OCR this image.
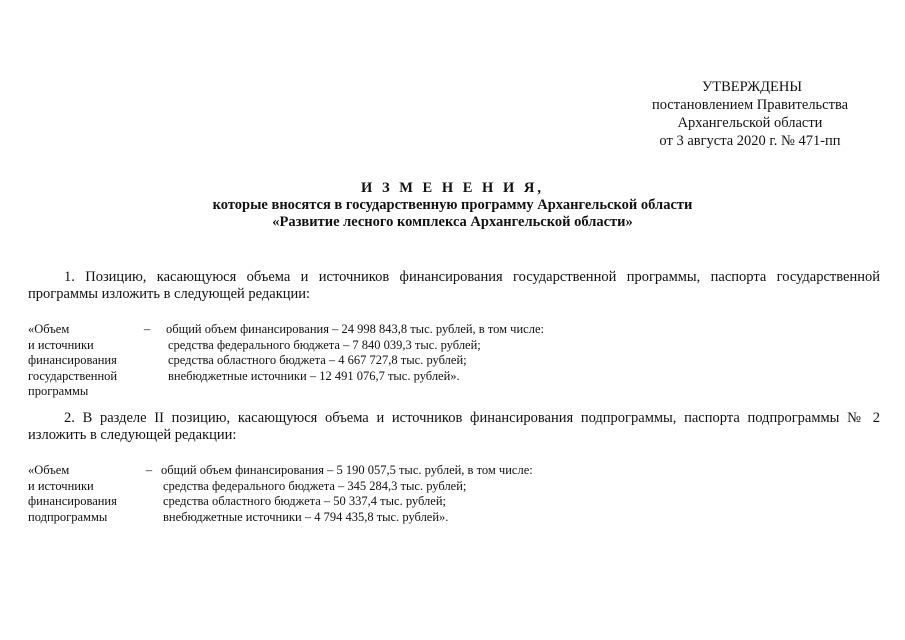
УТВЕРЖДЕНЫ
постановлением Правительства
Архангельской области
от 3 августа 2020 г. № 471-пп
И З М Е Н Е Н И Я,
которые вносятся в государственную программу Архангельской области
«Развитие лесного комплекса Архангельской области»
1. Позицию, касающуюся объема и источников финансирования государственной программы, паспорта государственной программы изложить в следующей редакции:
«Объем
и источники
финансирования
государственной
программы
– общий объем финансирования – 24 998 843,8 тыс. рублей, в том числе:
средства федерального бюджета – 7 840 039,3 тыс. рублей;
средства областного бюджета – 4 667 727,8 тыс. рублей;
внебюджетные источники – 12 491 076,7 тыс. рублей».
2. В разделе II позицию, касающуюся объема и источников финансирования подпрограммы, паспорта подпрограммы № 2 изложить в следующей редакции:
«Объем
и источники
финансирования
подпрограммы
– общий объем финансирования – 5 190 057,5 тыс. рублей, в том числе:
средства федерального бюджета – 345 284,3 тыс. рублей;
средства областного бюджета – 50 337,4 тыс. рублей;
внебюджетные источники – 4 794 435,8 тыс. рублей».
